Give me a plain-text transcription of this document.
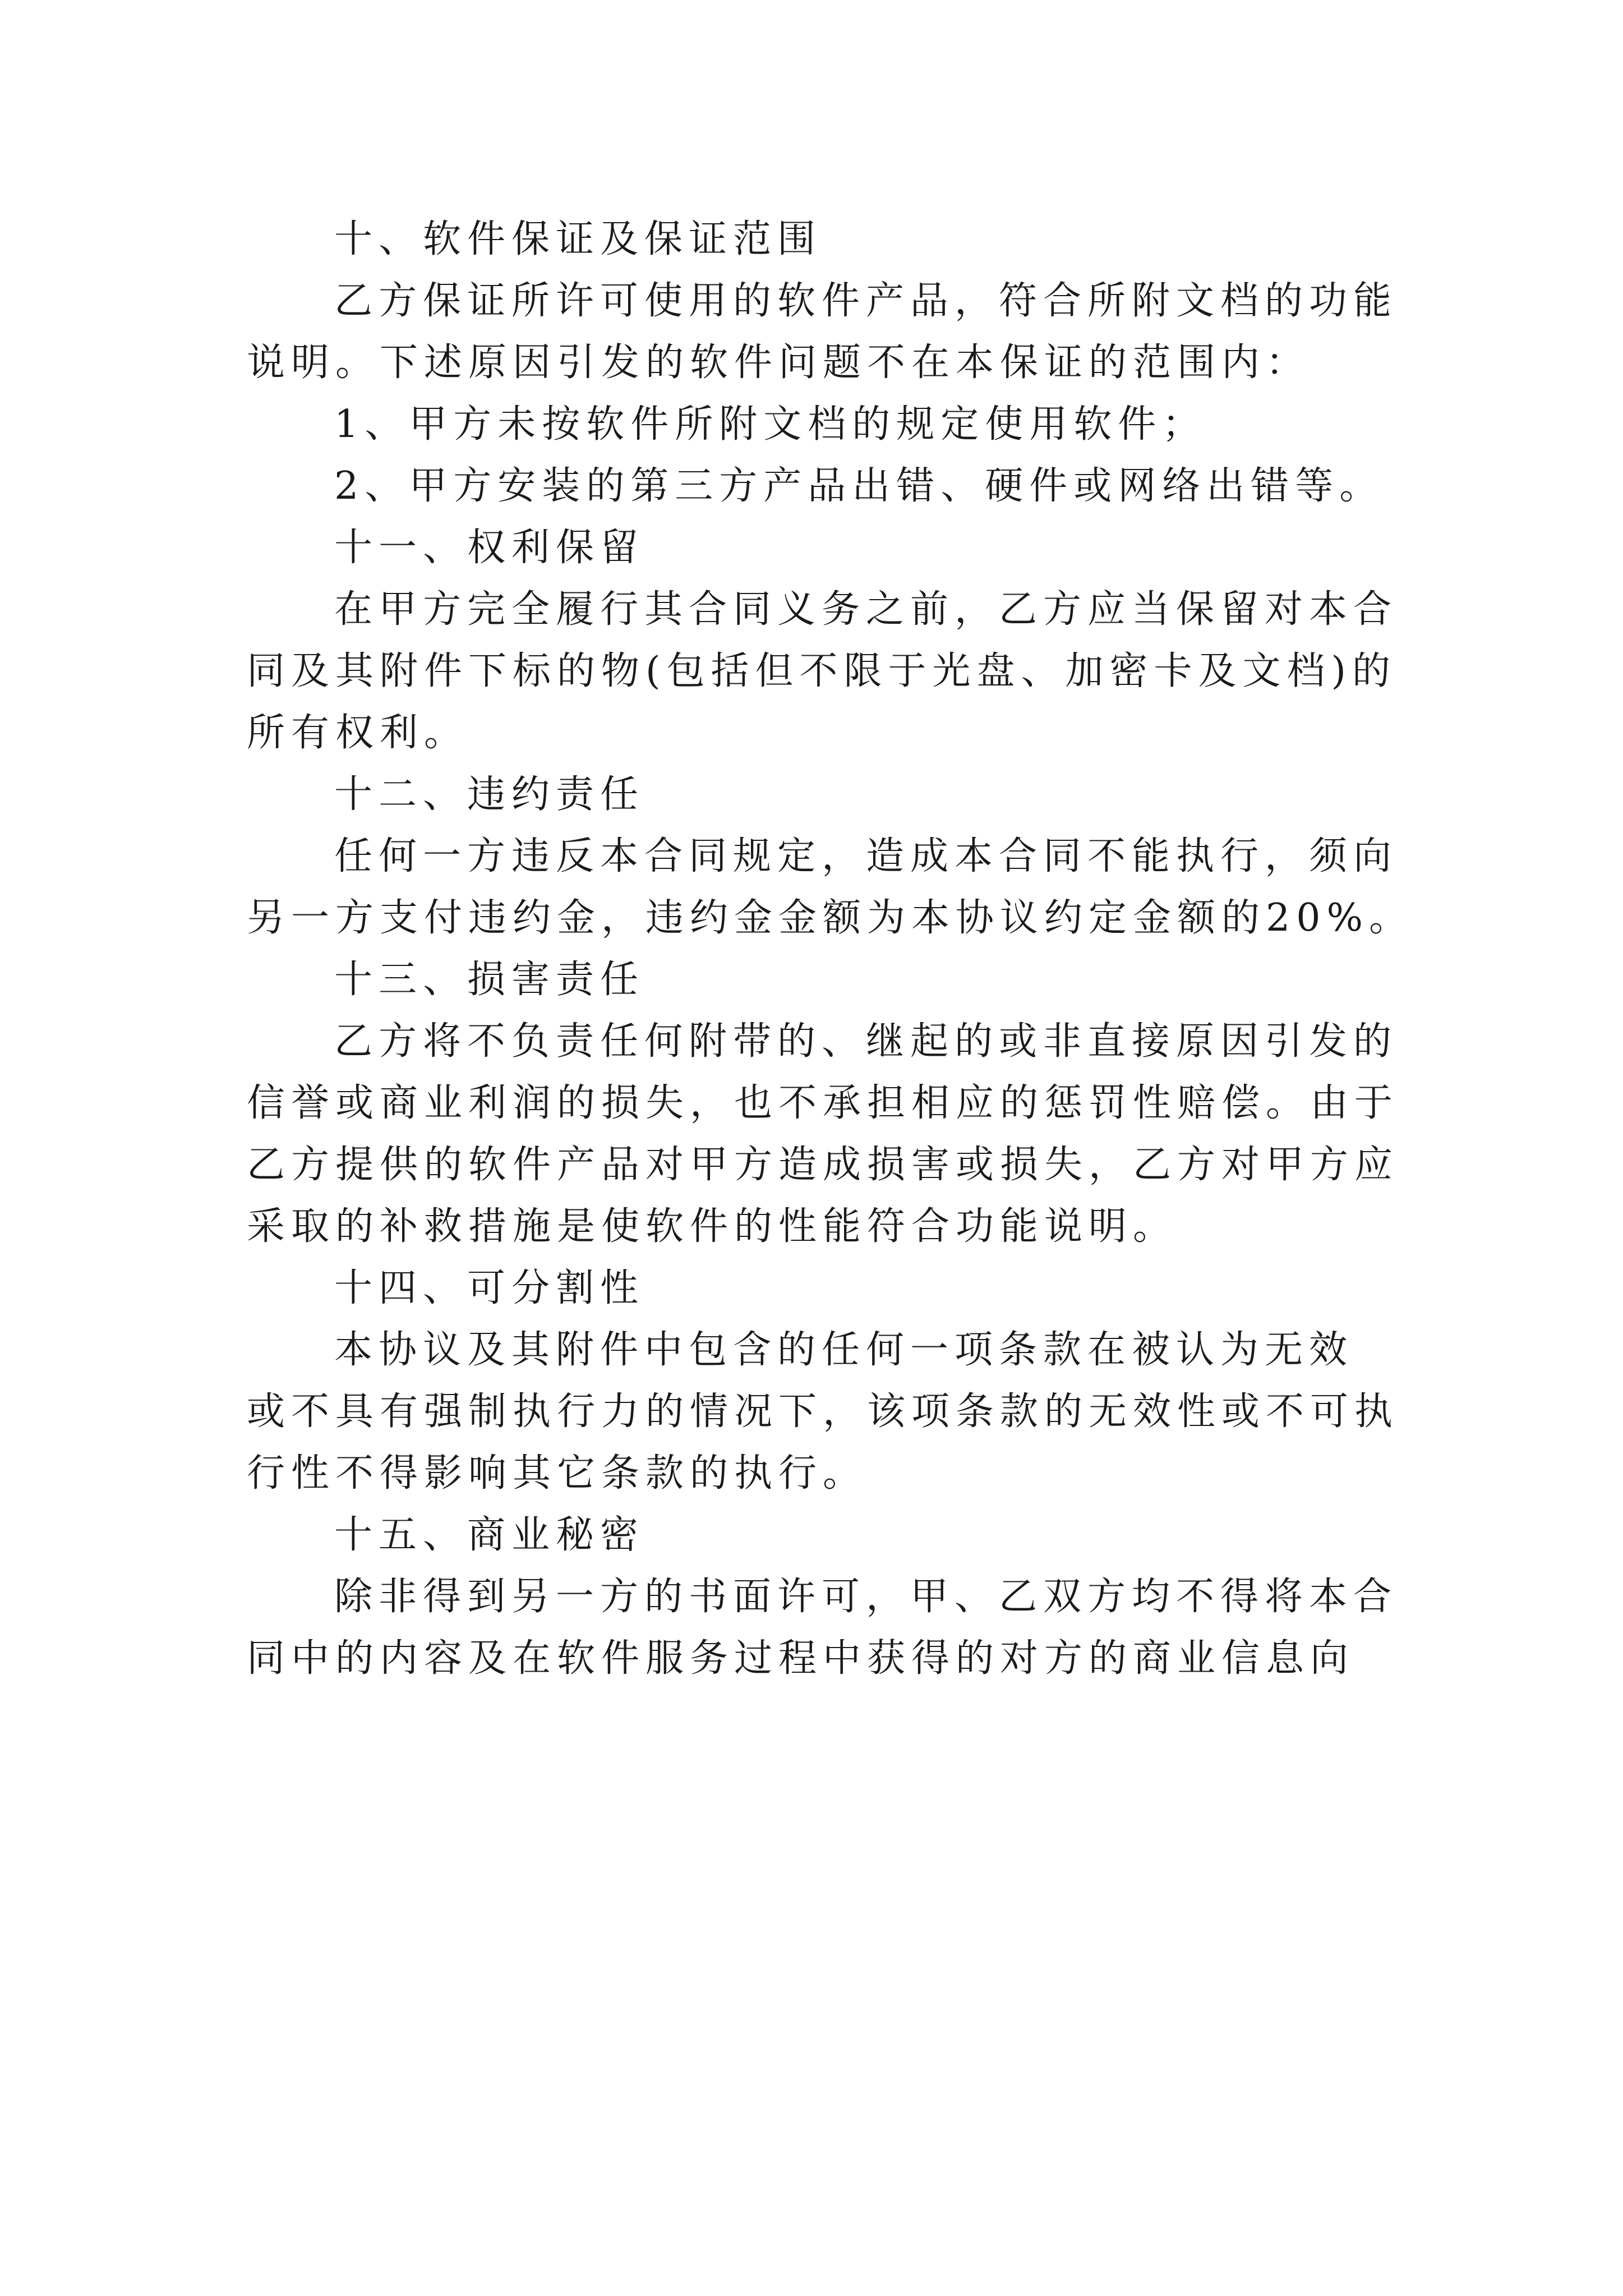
十、软件保证及保证范围
乙方保证所许可使用的软件产品，符合所附文档的功能
说明。下述原因引发的软件问题不在本保证的范围内：
1、甲方未按软件所附文档的规定使用软件；
2、甲方安装的第三方产品出错、硬件或网络出错等。
十一、权利保留
在甲方完全履行其合同义务之前，乙方应当保留对本合
同及其附件下标的物(包括但不限于光盘、加密卡及文档)的
所有权利。
十二、违约责任
任何一方违反本合同规定，造成本合同不能执行，须向
另一方支付违约金，违约金金额为本协议约定金额的20%。
十三、损害责任
乙方将不负责任何附带的、继起的或非直接原因引发的
信誉或商业利润的损失，也不承担相应的惩罚性赔偿。由于
乙方提供的软件产品对甲方造成损害或损失，乙方对甲方应
采取的补救措施是使软件的性能符合功能说明。
十四、可分割性
本协议及其附件中包含的任何一项条款在被认为无效
或不具有强制执行力的情况下，该项条款的无效性或不可执
行性不得影响其它条款的执行。
十五、商业秘密
除非得到另一方的书面许可，甲、乙双方均不得将本合
同中的内容及在软件服务过程中获得的对方的商业信息向
